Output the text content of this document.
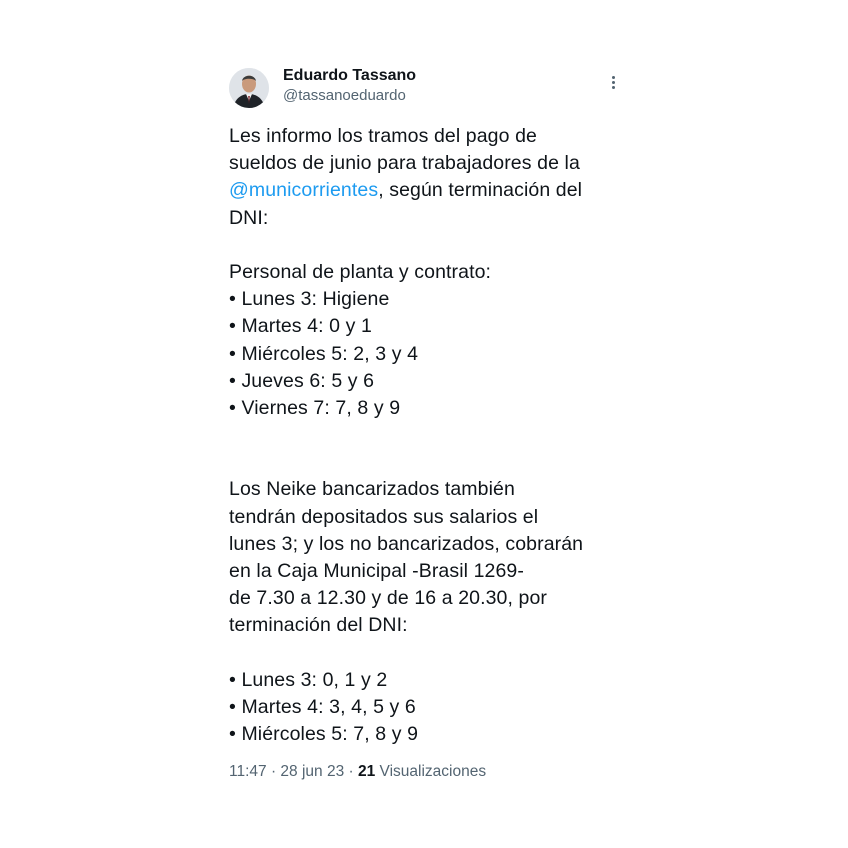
Eduardo Tassano
@tassanoeduardo
Les informo los tramos del pago de
sueldos de junio para trabajadores de la
@municorrientes, según terminación del
DNI:
Personal de planta y contrato:
• Lunes 3: Higiene
• Martes 4: 0 y 1
• Miércoles 5: 2, 3 y 4
• Jueves 6: 5 y 6
• Viernes 7: 7, 8 y 9
Los Neike bancarizados también
tendrán depositados sus salarios el
lunes 3; y los no bancarizados, cobrarán
en la Caja Municipal -Brasil 1269-
de 7.30 a 12.30 y de 16 a 20.30, por
terminación del DNI:
• Lunes 3: 0, 1 y 2
• Martes 4: 3, 4, 5 y 6
• Miércoles 5: 7, 8 y 9
11:47 · 28 jun 23 · 21 Visualizaciones
